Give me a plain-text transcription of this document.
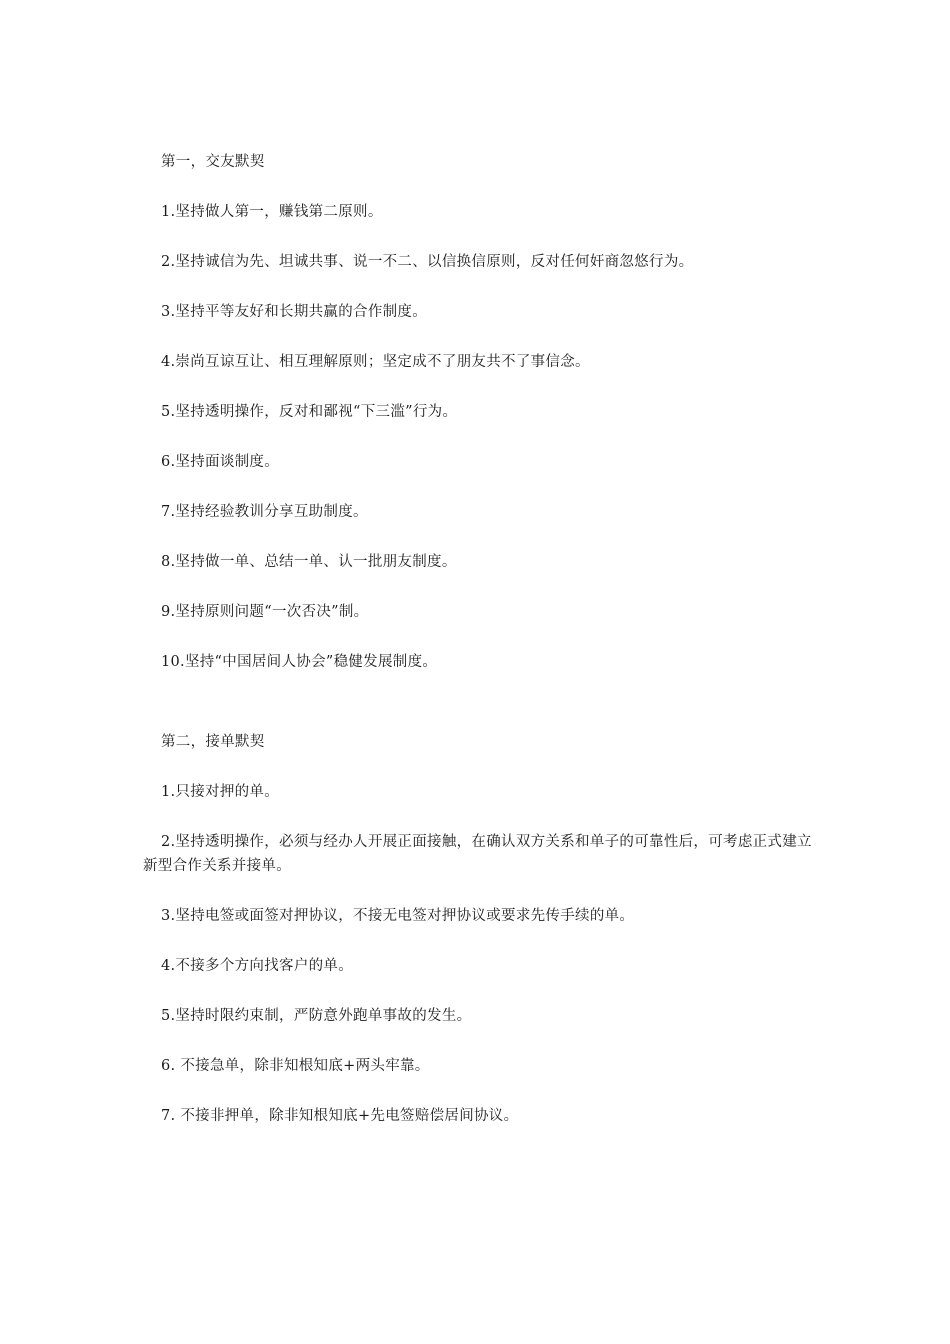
第一，交友默契

1.坚持做人第一，赚钱第二原则。

2.坚持诚信为先、坦诚共事、说一不二、以信换信原则，反对任何奸商忽悠行为。

3.坚持平等友好和长期共赢的合作制度。

4.崇尚互谅互让、相互理解原则；坚定成不了朋友共不了事信念。

5.坚持透明操作，反对和鄙视“下三滥”行为。

6.坚持面谈制度。

7.坚持经验教训分享互助制度。

8.坚持做一单、总结一单、认一批朋友制度。

9.坚持原则问题“一次否决”制。

10.坚持“中国居间人协会”稳健发展制度。

第二，接单默契

1.只接对押的单。

2.坚持透明操作，必须与经办人开展正面接触，在确认双方关系和单子的可靠性后，可考虑正式建立新型合作关系并接单。

3.坚持电签或面签对押协议，不接无电签对押协议或要求先传手续的单。

4.不接多个方向找客户的单。

5.坚持时限约束制，严防意外跑单事故的发生。

6. 不接急单，除非知根知底+两头牢靠。

7. 不接非押单，除非知根知底+先电签赔偿居间协议。
